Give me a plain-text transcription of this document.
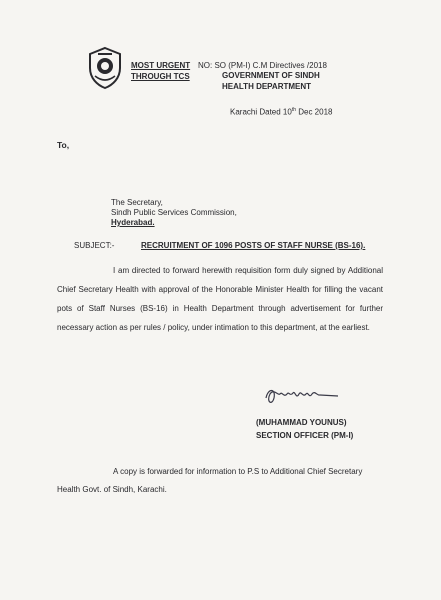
MOST URGENT
THROUGH TCS
NO: SO (PM-I) C.M Directives /2018
GOVERNMENT OF SINDH
HEALTH DEPARTMENT
Karachi Dated 10th Dec 2018
To,
The Secretary,
Sindh Public Services Commission,
Hyderabad.
SUBJECT:-	RECRUITMENT OF 1096 POSTS OF STAFF NURSE (BS-16).
I am directed to forward herewith requisition form duly signed by Additional Chief Secretary Health with approval of the Honorable Minister Health for filling the vacant pots of Staff Nurses (BS-16) in Health Department through advertisement for further necessary action as per rules / policy, under intimation to this department, at the earliest.
(MUHAMMAD YOUNUS)
SECTION OFFICER (PM-I)
A copy is forwarded for information to P.S to Additional Chief Secretary Health Govt. of Sindh, Karachi.
